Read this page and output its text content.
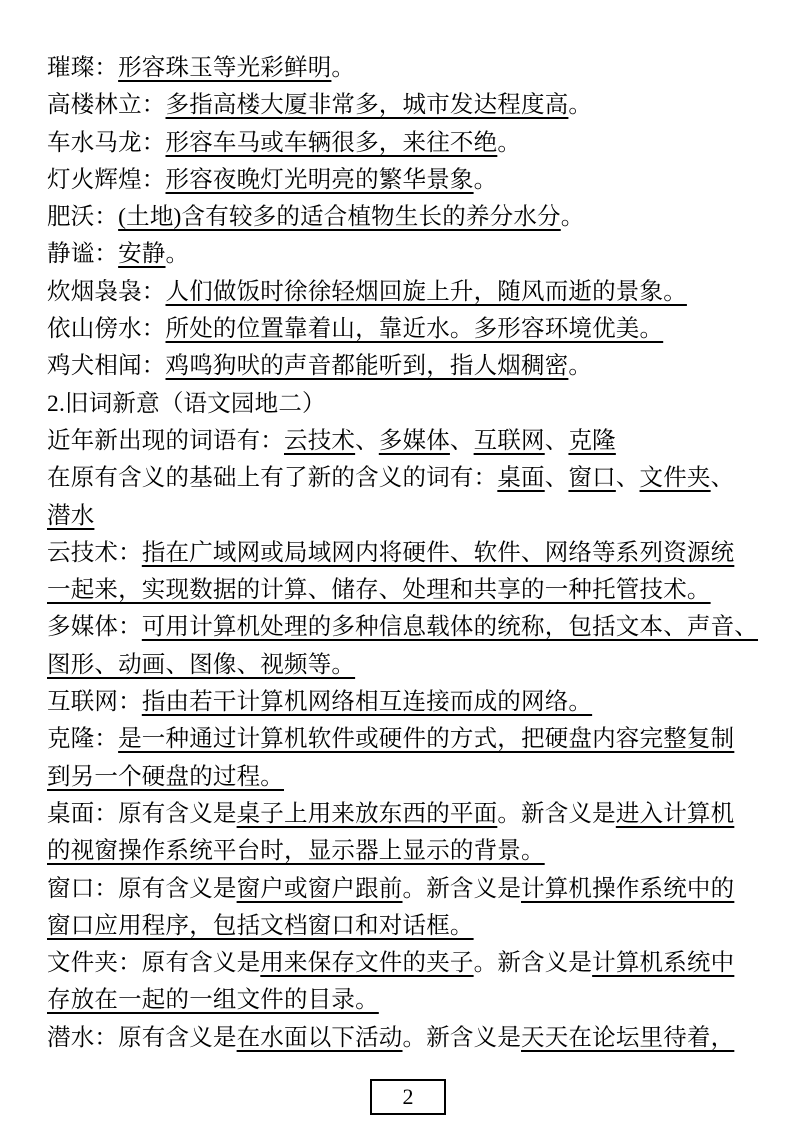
璀璨：形容珠玉等光彩鲜明。
高楼林立：多指高楼大厦非常多，城市发达程度高。
车水马龙：形容车马或车辆很多，来往不绝。
灯火辉煌：形容夜晚灯光明亮的繁华景象。
肥沃：(土地)含有较多的适合植物生长的养分水分。
静谧：安静。
炊烟袅袅：人们做饭时徐徐轻烟回旋上升，随风而逝的景象。
依山傍水：所处的位置靠着山，靠近水。多形容环境优美。
鸡犬相闻：鸡鸣狗吠的声音都能听到，指人烟稠密。
2.旧词新意（语文园地二）
近年新出现的词语有：云技术、多媒体、互联网、克隆
在原有含义的基础上有了新的含义的词有：桌面、窗口、文件夹、
潜水
云技术：指在广域网或局域网内将硬件、软件、网络等系列资源统
一起来，实现数据的计算、储存、处理和共享的一种托管技术。
多媒体：可用计算机处理的多种信息载体的统称，包括文本、声音、
图形、动画、图像、视频等。
互联网：指由若干计算机网络相互连接而成的网络。
克隆：是一种通过计算机软件或硬件的方式，把硬盘内容完整复制
到另一个硬盘的过程。
桌面：原有含义是桌子上用来放东西的平面。新含义是进入计算机
的视窗操作系统平台时，显示器上显示的背景。
窗口：原有含义是窗户或窗户跟前。新含义是计算机操作系统中的
窗口应用程序，包括文档窗口和对话框。
文件夹：原有含义是用来保存文件的夹子。新含义是计算机系统中
存放在一起的一组文件的目录。
潜水：原有含义是在水面以下活动。新含义是天天在论坛里待着，
2
